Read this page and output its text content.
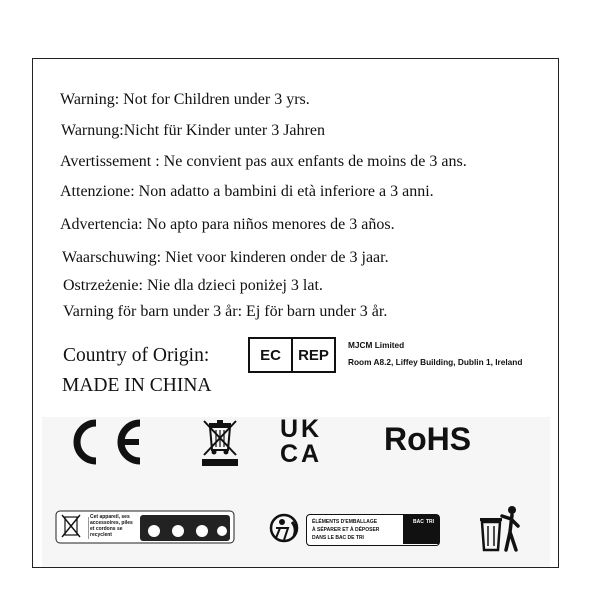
Warning: Not for Children under 3 yrs.
Warnung:Nicht für Kinder unter 3 Jahren
Avertissement : Ne convient pas aux enfants de moins de 3 ans.
Attenzione: Non adatto a bambini di età inferiore a 3 anni.
Advertencia: No apto para niños menores de 3 años.
Waarschuwing: Niet voor kinderen onder de 3 jaar.
Ostrzeżenie: Nie dla dzieci poniżej 3 lat.
Varning för barn under 3 år: Ej för barn under 3 år.
Country of Origin:
MADE IN CHINA
EC	REP
MJCM Limited
Room A8.2, Liffey Building, Dublin 1, Ireland
UK
CA	RoHS
Cet appareil, ses accessoires, piles et cordons se recyclent
ÉLÉMENTS D'EMBALLAGE
À SÉPARER ET À DÉPOSER
DANS LE BAC DE TRI
BAC TRI
